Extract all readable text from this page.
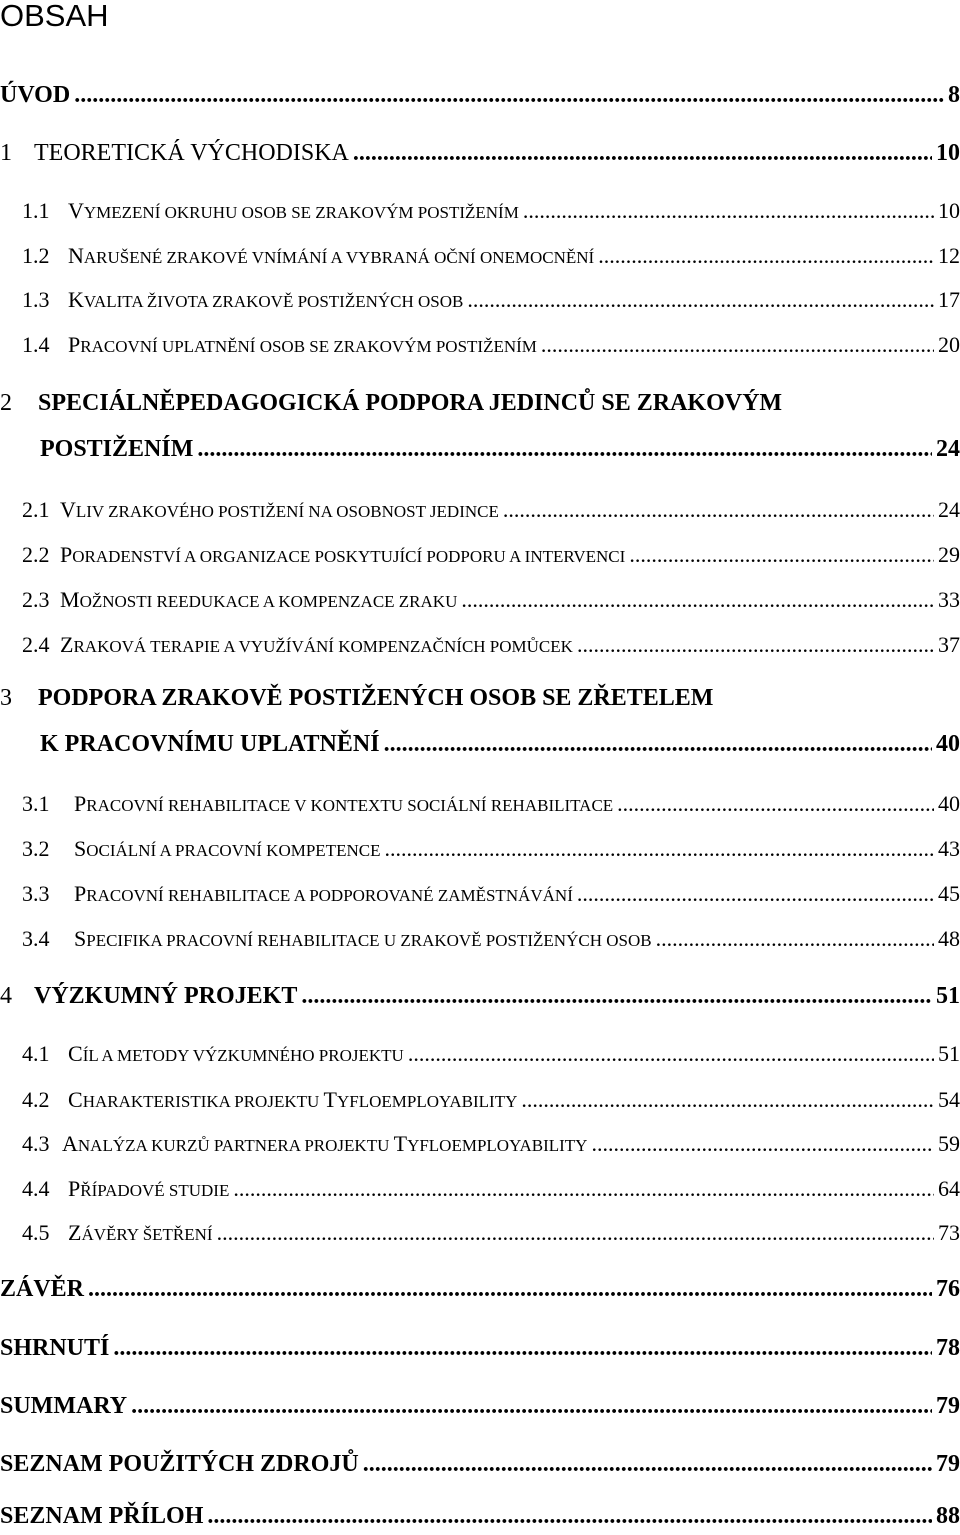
OBSAH
ÚVOD .....	8
1 TEORETICKÁ VÝCHODISKA .....	10
1.1 VYMEZENÍ OKRUHU OSOB SE ZRAKOVÝM POSTIŽENÍM .....	10
1.2 NARUŠENÉ ZRAKOVÉ VNÍMÁNÍ A VYBRANÁ OČNÍ ONEMOCNĚNÍ .....	12
1.3 KVALITA ŽIVOTA ZRAKOVĚ POSTIŽENÝCH OSOB .....	17
1.4 PRACOVNÍ UPLATNĚNÍ OSOB SE ZRAKOVÝM POSTIŽENÍM .....	20
2 SPECIÁLNĚPEDAGOGICKÁ PODPORA JEDINCŮ SE ZRAKOVÝM
POSTIŽENÍM .....	24
2.1 VLIV ZRAKOVÉHO POSTIŽENÍ NA OSOBNOST JEDINCE .....	24
2.2 PORADENSTVÍ A ORGANIZACE POSKYTUJÍCÍ PODPORU A INTERVENCI .....	29
2.3 MOŽNOSTI REEDUKACE A KOMPENZACE ZRAKU .....	33
2.4 ZRAKOVÁ TERAPIE A VYUŽÍVÁNÍ KOMPENZAČNÍCH POMŮCEK .....	37
3 PODPORA ZRAKOVĚ POSTIŽENÝCH OSOB SE ZŘETELEM
K PRACOVNÍMU UPLATNĚNÍ .....	40
3.1	PRACOVNÍ REHABILITACE V KONTEXTU SOCIÁLNÍ REHABILITACE .....	40
3.2	SOCIÁLNÍ A PRACOVNÍ KOMPETENCE .....	43
3.3	PRACOVNÍ REHABILITACE A PODPOROVANÉ ZAMĚSTNÁVÁNÍ .....	45
3.4	SPECIFIKA PRACOVNÍ REHABILITACE U ZRAKOVĚ POSTIŽENÝCH OSOB .....	48
4 VÝZKUMNÝ PROJEKT .....	51
4.1 CÍL A METODY VÝZKUMNÉHO PROJEKTU .....	51
4.2 CHARAKTERISTIKA PROJEKTU TYFLOEMPLOYABILITY .....	54
4.3 ANALÝZA KURZŮ PARTNERA PROJEKTU TYFLOEMPLOYABILITY .....	59
4.4 PŘÍPADOVÉ STUDIE .....	64
4.5 ZÁVĚRY ŠETŘENÍ .....	73
ZÁVĚR .....	76
SHRNUTÍ .....	78
SUMMARY .....	79
SEZNAM POUŽITÝCH ZDROJŮ .....	79
SEZNAM PŘÍLOH .....	88
